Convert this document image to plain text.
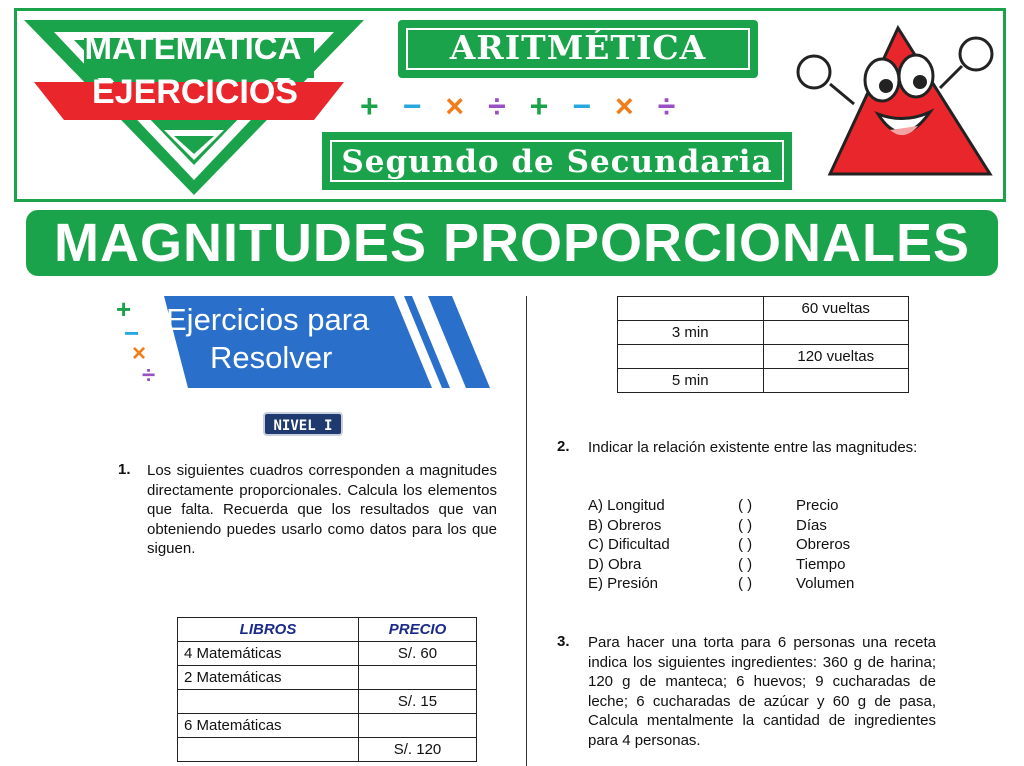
MATEMATICA
EJERCICIOS
ARITMÉTICA
+ − × ÷ + − × ÷
Segundo de Secundaria
MAGNITUDES PROPORCIONALES
+
−
×
÷
Ejercicios para
Resolver
NIVEL I
1. Los siguientes cuadros corresponden a magnitudes directamente proporcionales. Calcula los elementos que falta. Recuerda que los resultados que van obteniendo puedes usarlo como datos para los que siguen.
LIBROS	PRECIO
4 Matemáticas	S/. 60
2 Matemáticas	
	S/. 15
6 Matemáticas	
	S/. 120
	60 vueltas
3 min	
	120 vueltas
5 min	
2. Indicar la relación existente entre las magnitudes:
A) Longitud	( )	Precio
B) Obreros	( )	Días
C) Dificultad	( )	Obreros
D) Obra	( )	Tiempo
E) Presión	( )	Volumen
3. Para hacer una torta para 6 personas una receta indica los siguientes ingredientes: 360 g de harina; 120 g de manteca; 6 huevos; 9 cucharadas de leche; 6 cucharadas de azúcar y 60 g de pasa, Calcula mentalmente la cantidad de ingredientes para 4 personas.
